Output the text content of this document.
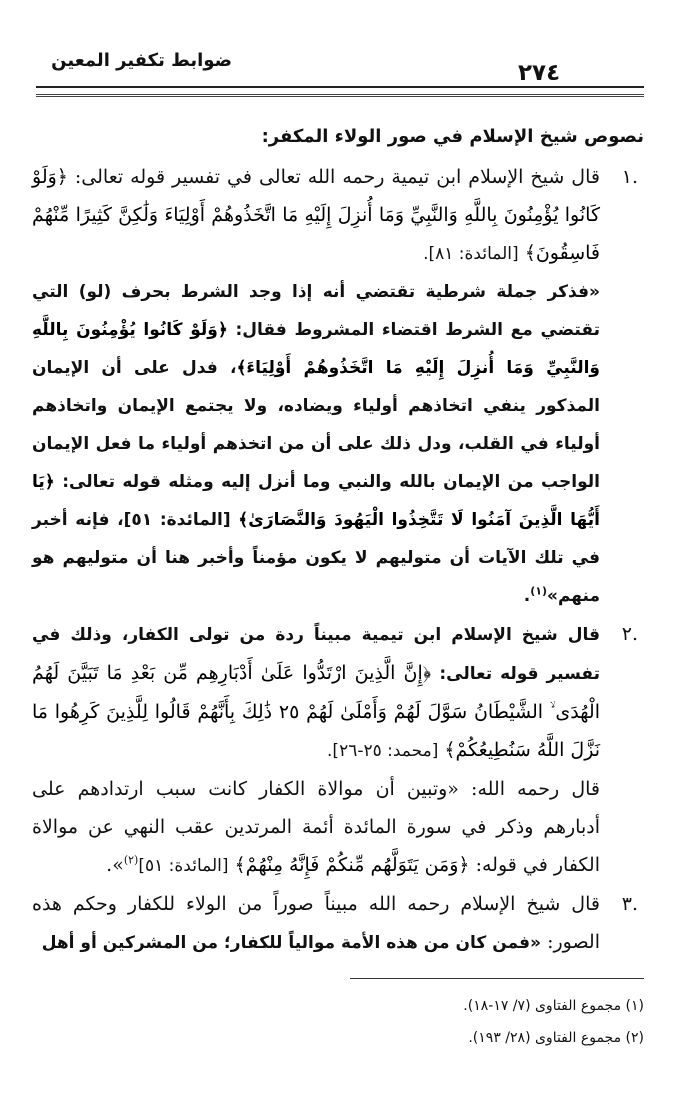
ضوابط تكفير المعين	٢٧٤
نصوص شيخ الإسلام في صور الولاء المكفر:
.١

قال شيخ الإسلام ابن تيمية رحمه الله تعالى في تفسير قوله تعالى: ﴿وَلَوْ كَانُوا يُؤْمِنُونَ بِاللَّهِ وَالنَّبِيِّ وَمَا أُنزِلَ إِلَيْهِ مَا اتَّخَذُوهُمْ أَوْلِيَاءَ وَلَٰكِنَّ كَثِيرًا مِّنْهُمْ فَاسِقُونَ﴾ [المائدة: ٨١].

«فذكر جملة شرطية تقتضي أنه إذا وجد الشرط بحرف (لو) التي تقتضي مع الشرط اقتضاء المشروط فقال: ﴿وَلَوْ كَانُوا يُؤْمِنُونَ بِاللَّهِ وَالنَّبِيِّ وَمَا أُنزِلَ إِلَيْهِ مَا اتَّخَذُوهُمْ أَوْلِيَاءَ﴾، فدل على أن الإيمان المذكور ينفي اتخاذهم أولياء ويضاده، ولا يجتمع الإيمان واتخاذهم أولياء في القلب، ودل ذلك على أن من اتخذهم أولياء ما فعل الإيمان الواجب من الإيمان بالله والنبي وما أنزل إليه ومثله قوله تعالى: ﴿يَا أَيُّهَا الَّذِينَ آمَنُوا لَا تَتَّخِذُوا الْيَهُودَ وَالنَّصَارَىٰ﴾ [المائدة: ٥١]، فإنه أخبر في تلك الآيات أن متوليهم لا يكون مؤمناً وأخبر هنا أن متوليهم هو منهم»$^{(١)}$.

.٢

قال شيخ الإسلام ابن تيمية مبيناً ردة من تولى الكفار، وذلك في تفسير قوله تعالى: ﴿إِنَّ الَّذِينَ ارْتَدُّوا عَلَىٰ أَدْبَارِهِم مِّن بَعْدِ مَا تَبَيَّنَ لَهُمُ الْهُدَى ۙ الشَّيْطَانُ سَوَّلَ لَهُمْ وَأَمْلَىٰ لَهُمْ ٢٥ ذَٰلِكَ بِأَنَّهُمْ قَالُوا لِلَّذِينَ كَرِهُوا مَا نَزَّلَ اللَّهُ سَنُطِيعُكُمْ﴾ [محمد: ٢٥-٢٦].

قال رحمه الله: «وتبين أن موالاة الكفار كانت سبب ارتدادهم على أدبارهم وذكر في سورة المائدة أئمة المرتدين عقب النهي عن موالاة الكفار في قوله: ﴿وَمَن يَتَوَلَّهُم مِّنكُمْ فَإِنَّهُ مِنْهُمْ﴾ [المائدة: ٥١]$^{(٢)}$».

.٣

قال شيخ الإسلام رحمه الله مبيناً صوراً من الولاء للكفار وحكم هذه الصور: «فمن كان من هذه الأمة موالياً للكفار؛ من المشركين أو أهل

(١) مجموع الفتاوى (٧/ ١٧-١٨).

(٢) مجموع الفتاوى (٢٨/ ١٩٣).
